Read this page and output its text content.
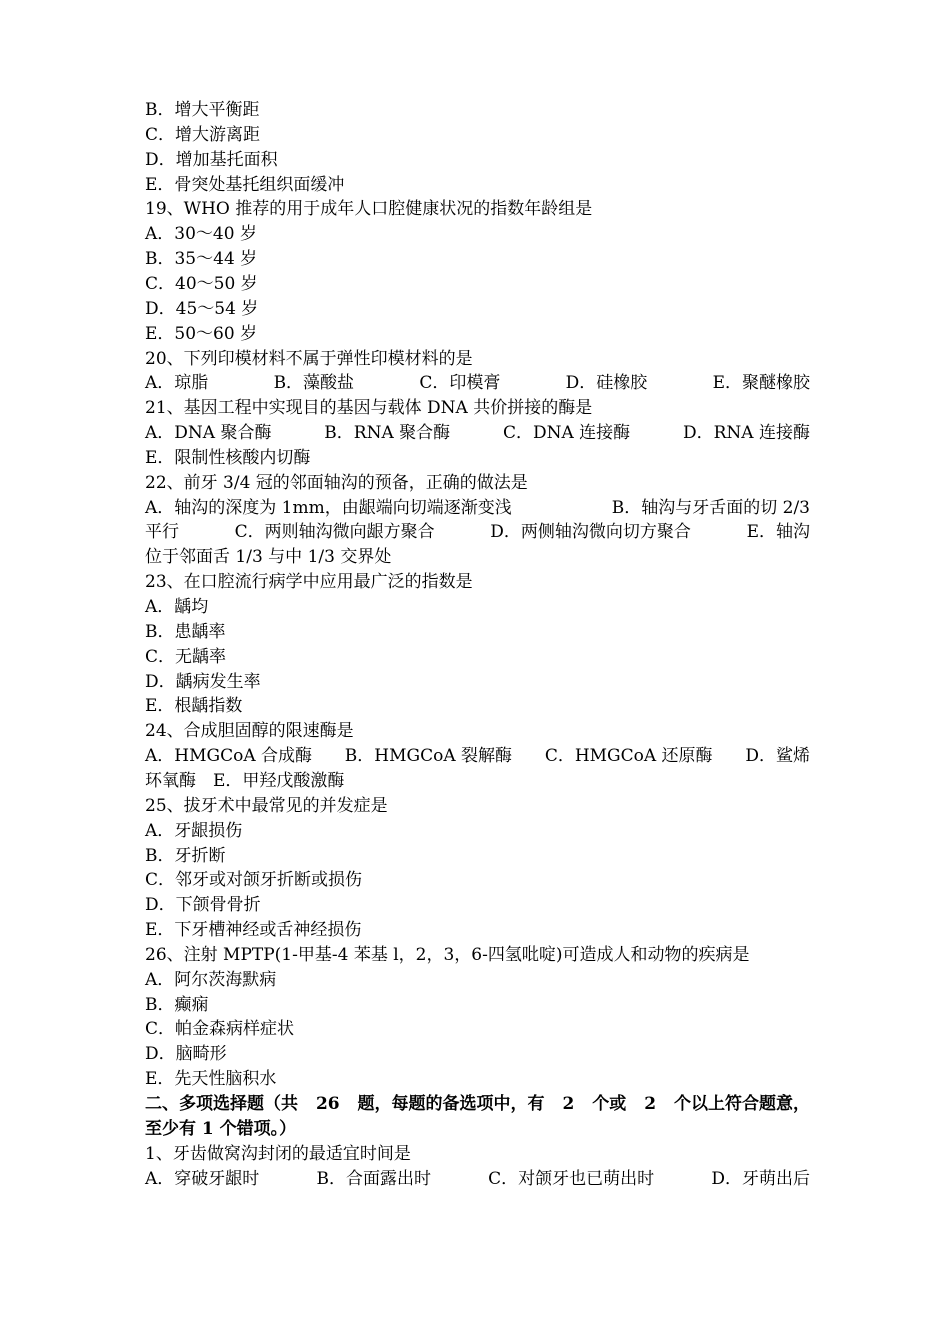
B．增大平衡距
C．增大游离距
D．增加基托面积
E．骨突处基托组织面缓冲
19、WHO 推荐的用于成年人口腔健康状况的指数年龄组是
A．30～40 岁
B．35～44 岁
C．40～50 岁
D．45～54 岁
E．50～60 岁
20、下列印模材料不属于弹性印模材料的是
A．琼脂	B．藻酸盐	C．印模膏	D．硅橡胶	E．聚醚橡胶
21、基因工程中实现目的基因与载体 DNA 共价拼接的酶是
A．DNA 聚合酶	B．RNA 聚合酶	C．DNA 连接酶	D．RNA 连接酶
E．限制性核酸内切酶
22、前牙 3/4 冠的邻面轴沟的预备，正确的做法是
A．轴沟的深度为 1mm，由龈端向切端逐渐变浅	B．轴沟与牙舌面的切 2/3
平行	C．两则轴沟微向龈方聚合	D．两侧轴沟微向切方聚合	E．轴沟
位于邻面舌 1/3 与中 1/3 交界处
23、在口腔流行病学中应用最广泛的指数是
A．龋均
B．患龋率
C．无龋率
D．龋病发生率
E．根龋指数
24、合成胆固醇的限速酶是
A．HMGCoA 合成酶 B．HMGCoA 裂解酶 C．HMGCoA 还原酶 D．鲨烯
环氧酶　E．甲羟戊酸激酶
25、拔牙术中最常见的并发症是
A．牙龈损伤
B．牙折断
C．邻牙或对颌牙折断或损伤
D．下颌骨骨折
E．下牙槽神经或舌神经损伤
26、注射 MPTP(1-甲基-4 苯基 l，2，3，6-四氢吡啶)可造成人和动物的疾病是
A．阿尔茨海默病
B．癫痫
C．帕金森病样症状
D．脑畸形
E．先天性脑积水
二、多项选择题（共 26 题，每题的备选项中，有 2 个或 2 个以上符合题意，
至少有 1 个错项。）
1、牙齿做窝沟封闭的最适宜时间是
A．穿破牙龈时	B．合面露出时	C．对颌牙也已萌出时	D．牙萌出后
